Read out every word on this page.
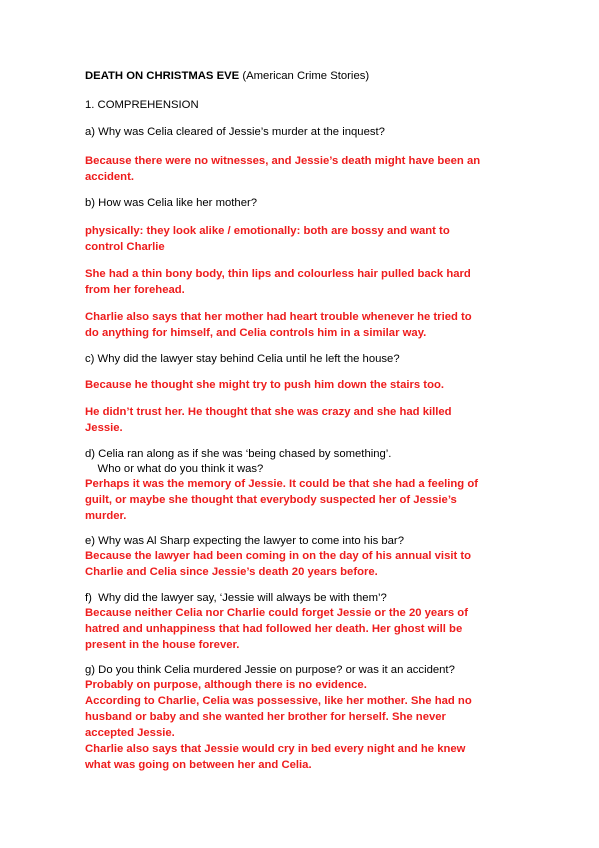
DEATH ON CHRISTMAS EVE (American Crime Stories)
1. COMPREHENSION
a) Why was Celia cleared of Jessie’s murder at the inquest?
Because there were no witnesses, and Jessie’s death might have been an
accident.
b) How was Celia like her mother?
physically: they look alike / emotionally: both are bossy and want to
control Charlie
She had a thin bony body, thin lips and colourless hair pulled back hard
from her forehead.
Charlie also says that her mother had heart trouble whenever he tried to
do anything for himself, and Celia controls him in a similar way.
c) Why did the lawyer stay behind Celia until he left the house?
Because he thought she might try to push him down the stairs too.
He didn’t trust her. He thought that she was crazy and she had killed
Jessie.
d) Celia ran along as if she was ‘being chased by something’.
Who or what do you think it was?
Perhaps it was the memory of Jessie. It could be that she had a feeling of
guilt, or maybe she thought that everybody suspected her of Jessie’s
murder.
e) Why was Al Sharp expecting the lawyer to come into his bar?
Because the lawyer had been coming in on the day of his annual visit to
Charlie and Celia since Jessie’s death 20 years before.
f)  Why did the lawyer say, ‘Jessie will always be with them’?
Because neither Celia nor Charlie could forget Jessie or the 20 years of
hatred and unhappiness that had followed her death. Her ghost will be
present in the house forever.
g) Do you think Celia murdered Jessie on purpose? or was it an accident?
Probably on purpose, although there is no evidence.
According to Charlie, Celia was possessive, like her mother. She had no
husband or baby and she wanted her brother for herself. She never
accepted Jessie.
Charlie also says that Jessie would cry in bed every night and he knew
what was going on between her and Celia.
